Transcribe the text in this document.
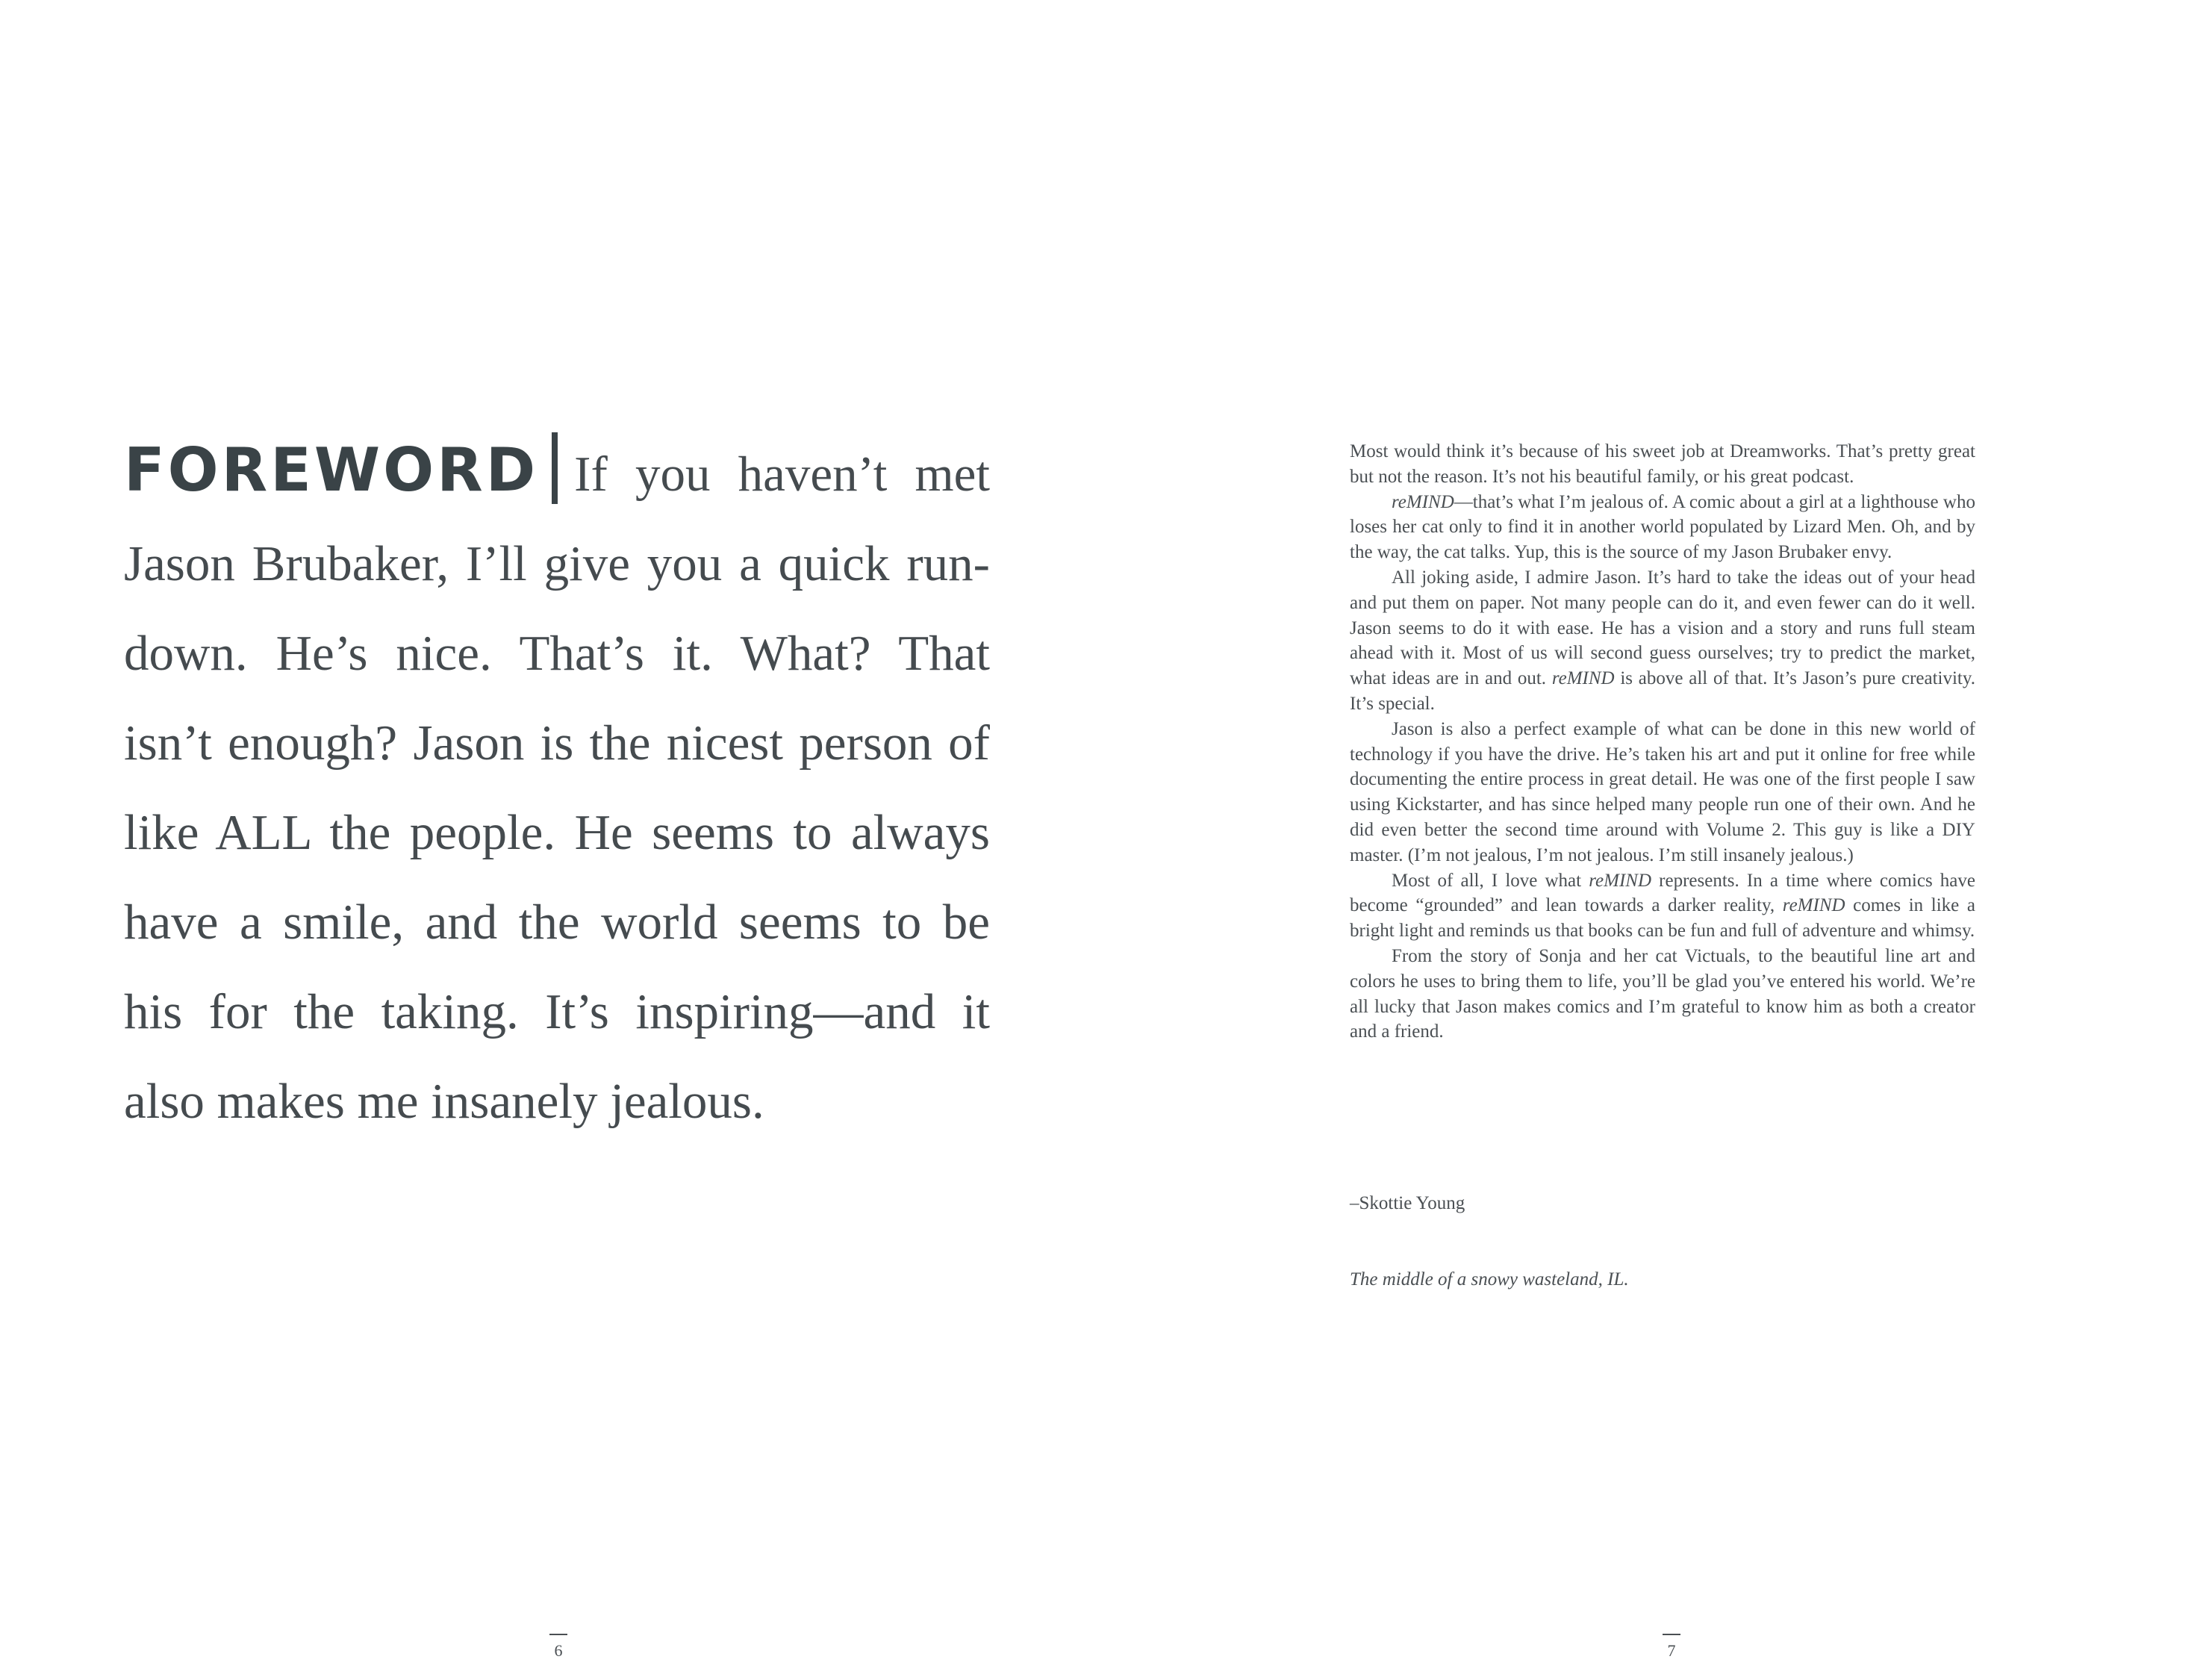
FOREWORD If you haven’t met Jason Brubaker, I’ll give you a quick run-down. He’s nice. That’s it. What? That isn’t enough? Jason is the nicest person of like ALL the people. He seems to always have a smile, and the world seems to be his for the taking. It’s inspiring—and it also makes me insanely jealous.

6

Most would think it’s because of his sweet job at Dreamworks. That’s pretty great but not the reason. It’s not his beautiful family, or his great podcast.

reMIND—that’s what I’m jealous of. A comic about a girl at a lighthouse who loses her cat only to find it in another world populated by Lizard Men. Oh, and by the way, the cat talks. Yup, this is the source of my Jason Brubaker envy.

All joking aside, I admire Jason. It’s hard to take the ideas out of your head and put them on paper. Not many people can do it, and even fewer can do it well. Jason seems to do it with ease. He has a vision and a story and runs full steam ahead with it. Most of us will second guess ourselves; try to predict the market, what ideas are in and out. reMIND is above all of that. It’s Jason’s pure creativity. It’s special.

Jason is also a perfect example of what can be done in this new world of technology if you have the drive. He’s taken his art and put it online for free while documenting the entire process in great detail. He was one of the first people I saw using Kickstarter, and has since helped many people run one of their own. And he did even better the second time around with Volume 2. This guy is like a DIY master. (I’m not jealous, I’m not jealous. I’m still insanely jealous.)

Most of all, I love what reMIND represents. In a time where comics have become “grounded” and lean towards a darker reality, reMIND comes in like a bright light and reminds us that books can be fun and full of adventure and whimsy.

From the story of Sonja and her cat Victuals, to the beautiful line art and colors he uses to bring them to life, you’ll be glad you’ve entered his world. We’re all lucky that Jason makes comics and I’m grateful to know him as both a creator and a friend.

–Skottie Young

The middle of a snowy wasteland, IL.

7
